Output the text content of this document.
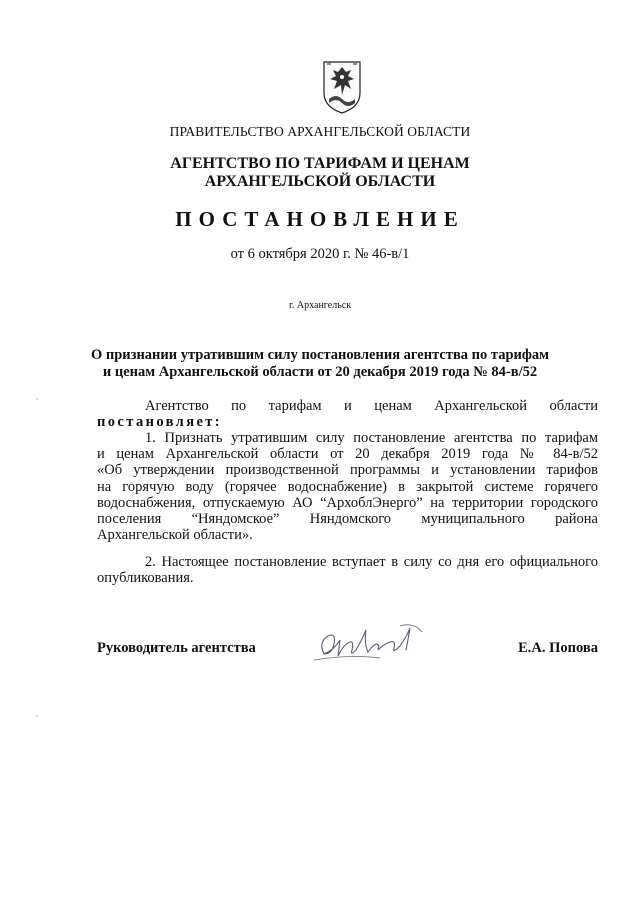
ПРАВИТЕЛЬСТВО АРХАНГЕЛЬСКОЙ ОБЛАСТИ
АГЕНТСТВО ПО ТАРИФАМ И ЦЕНАМ
АРХАНГЕЛЬСКОЙ ОБЛАСТИ
ПОСТАНОВЛЕНИЕ
от 6 октября 2020 г. № 46-в/1
г. Архангельск
О признании утратившим силу постановления агентства по тарифам
и ценам Архангельской области от 20 декабря 2019 года № 84-в/52
Агентство по тарифам и ценам Архангельской области
постановляет:
1. Признать утратившим силу постановление агентства по тарифам
и ценам Архангельской области от 20 декабря 2019 года № 84-в/52
«Об утверждении производственной программы и установлении тарифов
на горячую воду (горячее водоснабжение) в закрытой системе горячего
водоснабжения, отпускаемую АО “АрхоблЭнерго” на территории городского
поселения “Няндомское” Няндомского муниципального района
Архангельской области».
2. Настоящее постановление вступает в силу со дня его официального
опубликования.
Руководитель агентства	Е.А. Попова
